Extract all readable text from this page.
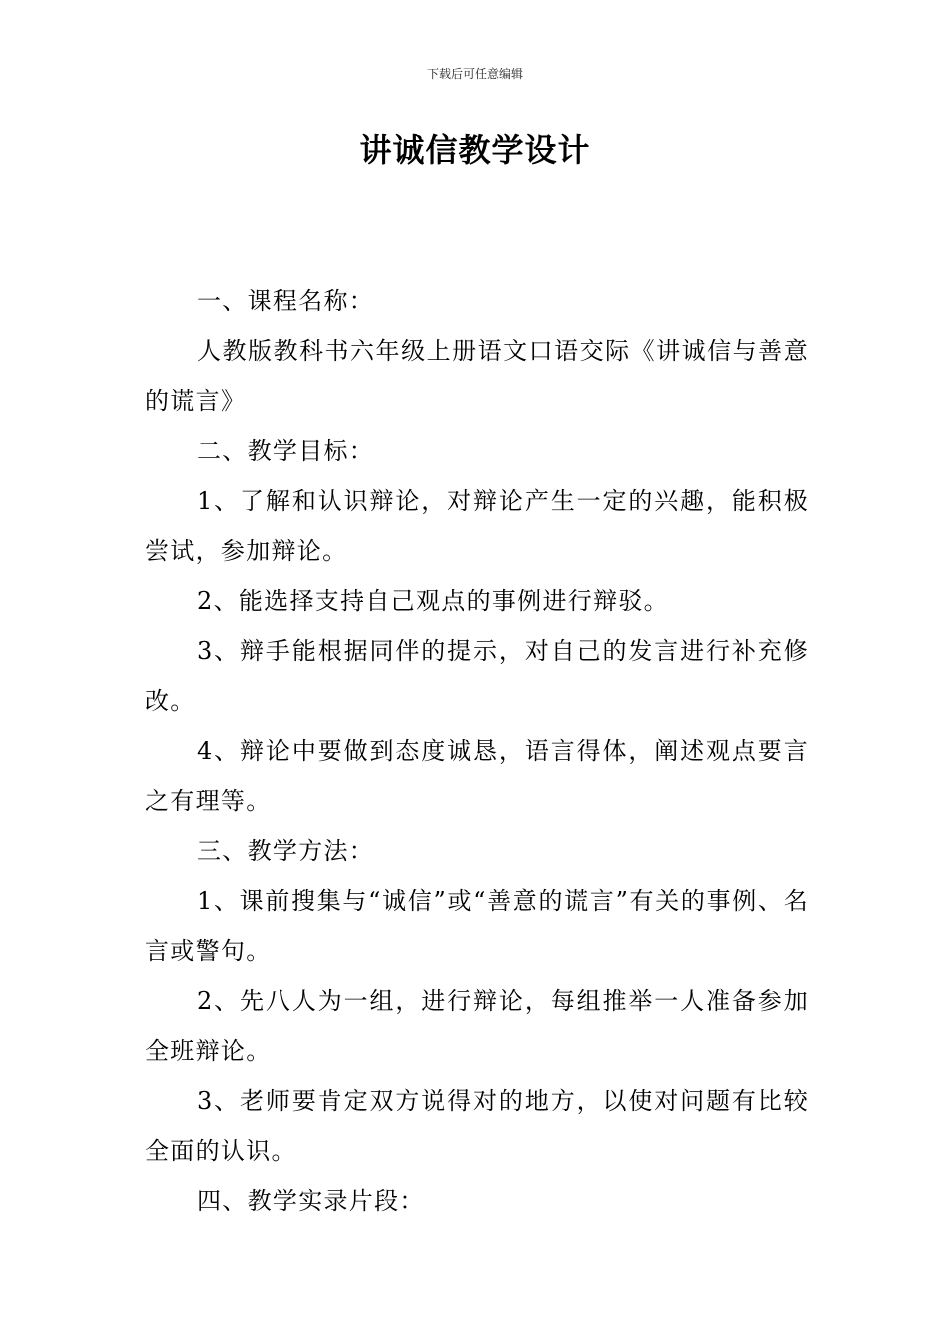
下载后可任意编辑
讲诚信教学设计

一、课程名称：

人教版教科书六年级上册语文口语交际《讲诚信与善意的谎言》

二、教学目标：

1、了解和认识辩论，对辩论产生一定的兴趣，能积极尝试，参加辩论。

2、能选择支持自己观点的事例进行辩驳。

3、辩手能根据同伴的提示，对自己的发言进行补充修改。

4、辩论中要做到态度诚恳，语言得体，阐述观点要言之有理等。

三、教学方法：

1、课前搜集与“诚信”或“善意的谎言”有关的事例、名言或警句。

2、先八人为一组，进行辩论，每组推举一人准备参加全班辩论。

3、老师要肯定双方说得对的地方，以使对问题有比较全面的认识。

四、教学实录片段：
